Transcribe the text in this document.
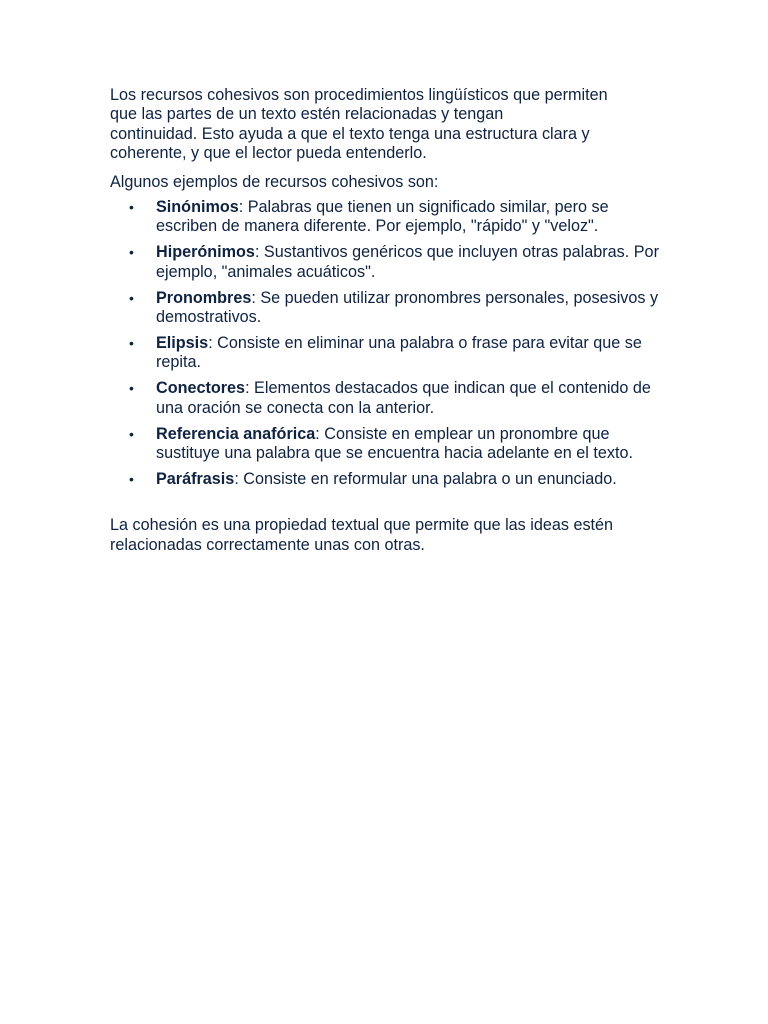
Los recursos cohesivos son procedimientos lingüísticos que permiten
que las partes de un texto estén relacionadas y tengan
continuidad. Esto ayuda a que el texto tenga una estructura clara y
coherente, y que el lector pueda entenderlo.

Algunos ejemplos de recursos cohesivos son:

• Sinónimos: Palabras que tienen un significado similar, pero se escriben de manera diferente. Por ejemplo, "rápido" y "veloz".
• Hiperónimos: Sustantivos genéricos que incluyen otras palabras. Por ejemplo, "animales acuáticos".
• Pronombres: Se pueden utilizar pronombres personales, posesivos y demostrativos.
• Elipsis: Consiste en eliminar una palabra o frase para evitar que se repita.
• Conectores: Elementos destacados que indican que el contenido de una oración se conecta con la anterior.
• Referencia anafórica: Consiste en emplear un pronombre que sustituye una palabra que se encuentra hacia adelante en el texto.
• Paráfrasis: Consiste en reformular una palabra o un enunciado.

La cohesión es una propiedad textual que permite que las ideas estén relacionadas correctamente unas con otras.
